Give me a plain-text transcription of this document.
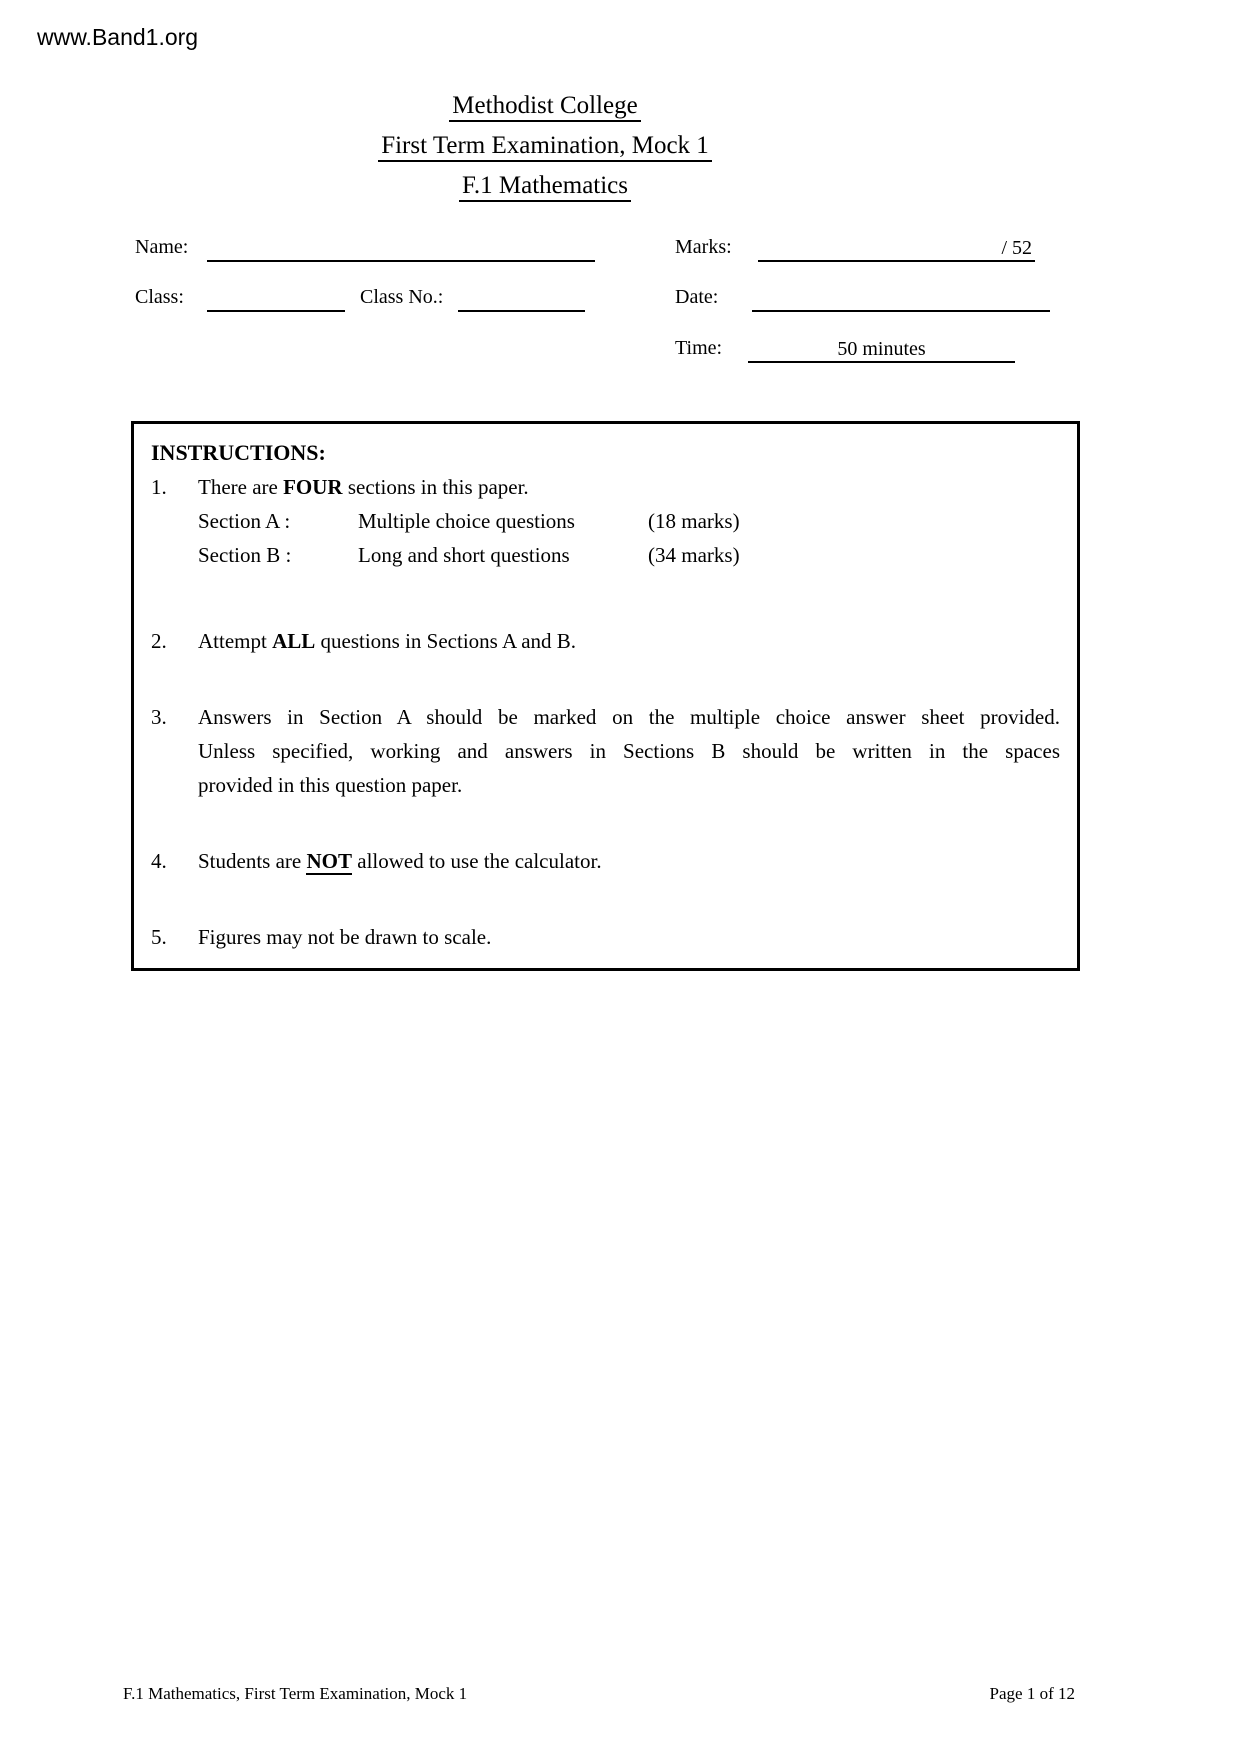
www.Band1.org
Methodist College
First Term Examination, Mock 1
F.1 Mathematics
Name:	Marks:	/ 52
Class:	Class No.:	Date:
Time:	50 minutes
INSTRUCTIONS:
1.	There are FOUR sections in this paper.
Section A :	Multiple choice questions	(18 marks)
Section B :	Long and short questions	(34 marks)
2.	Attempt ALL questions in Sections A and B.
3.	Answers in Section A should be marked on the multiple choice answer sheet provided.
Unless specified, working and answers in Sections B should be written in the spaces
provided in this question paper.
4.	Students are NOT allowed to use the calculator.
5.	Figures may not be drawn to scale.
F.1 Mathematics, First Term Examination, Mock 1	Page 1 of 12
